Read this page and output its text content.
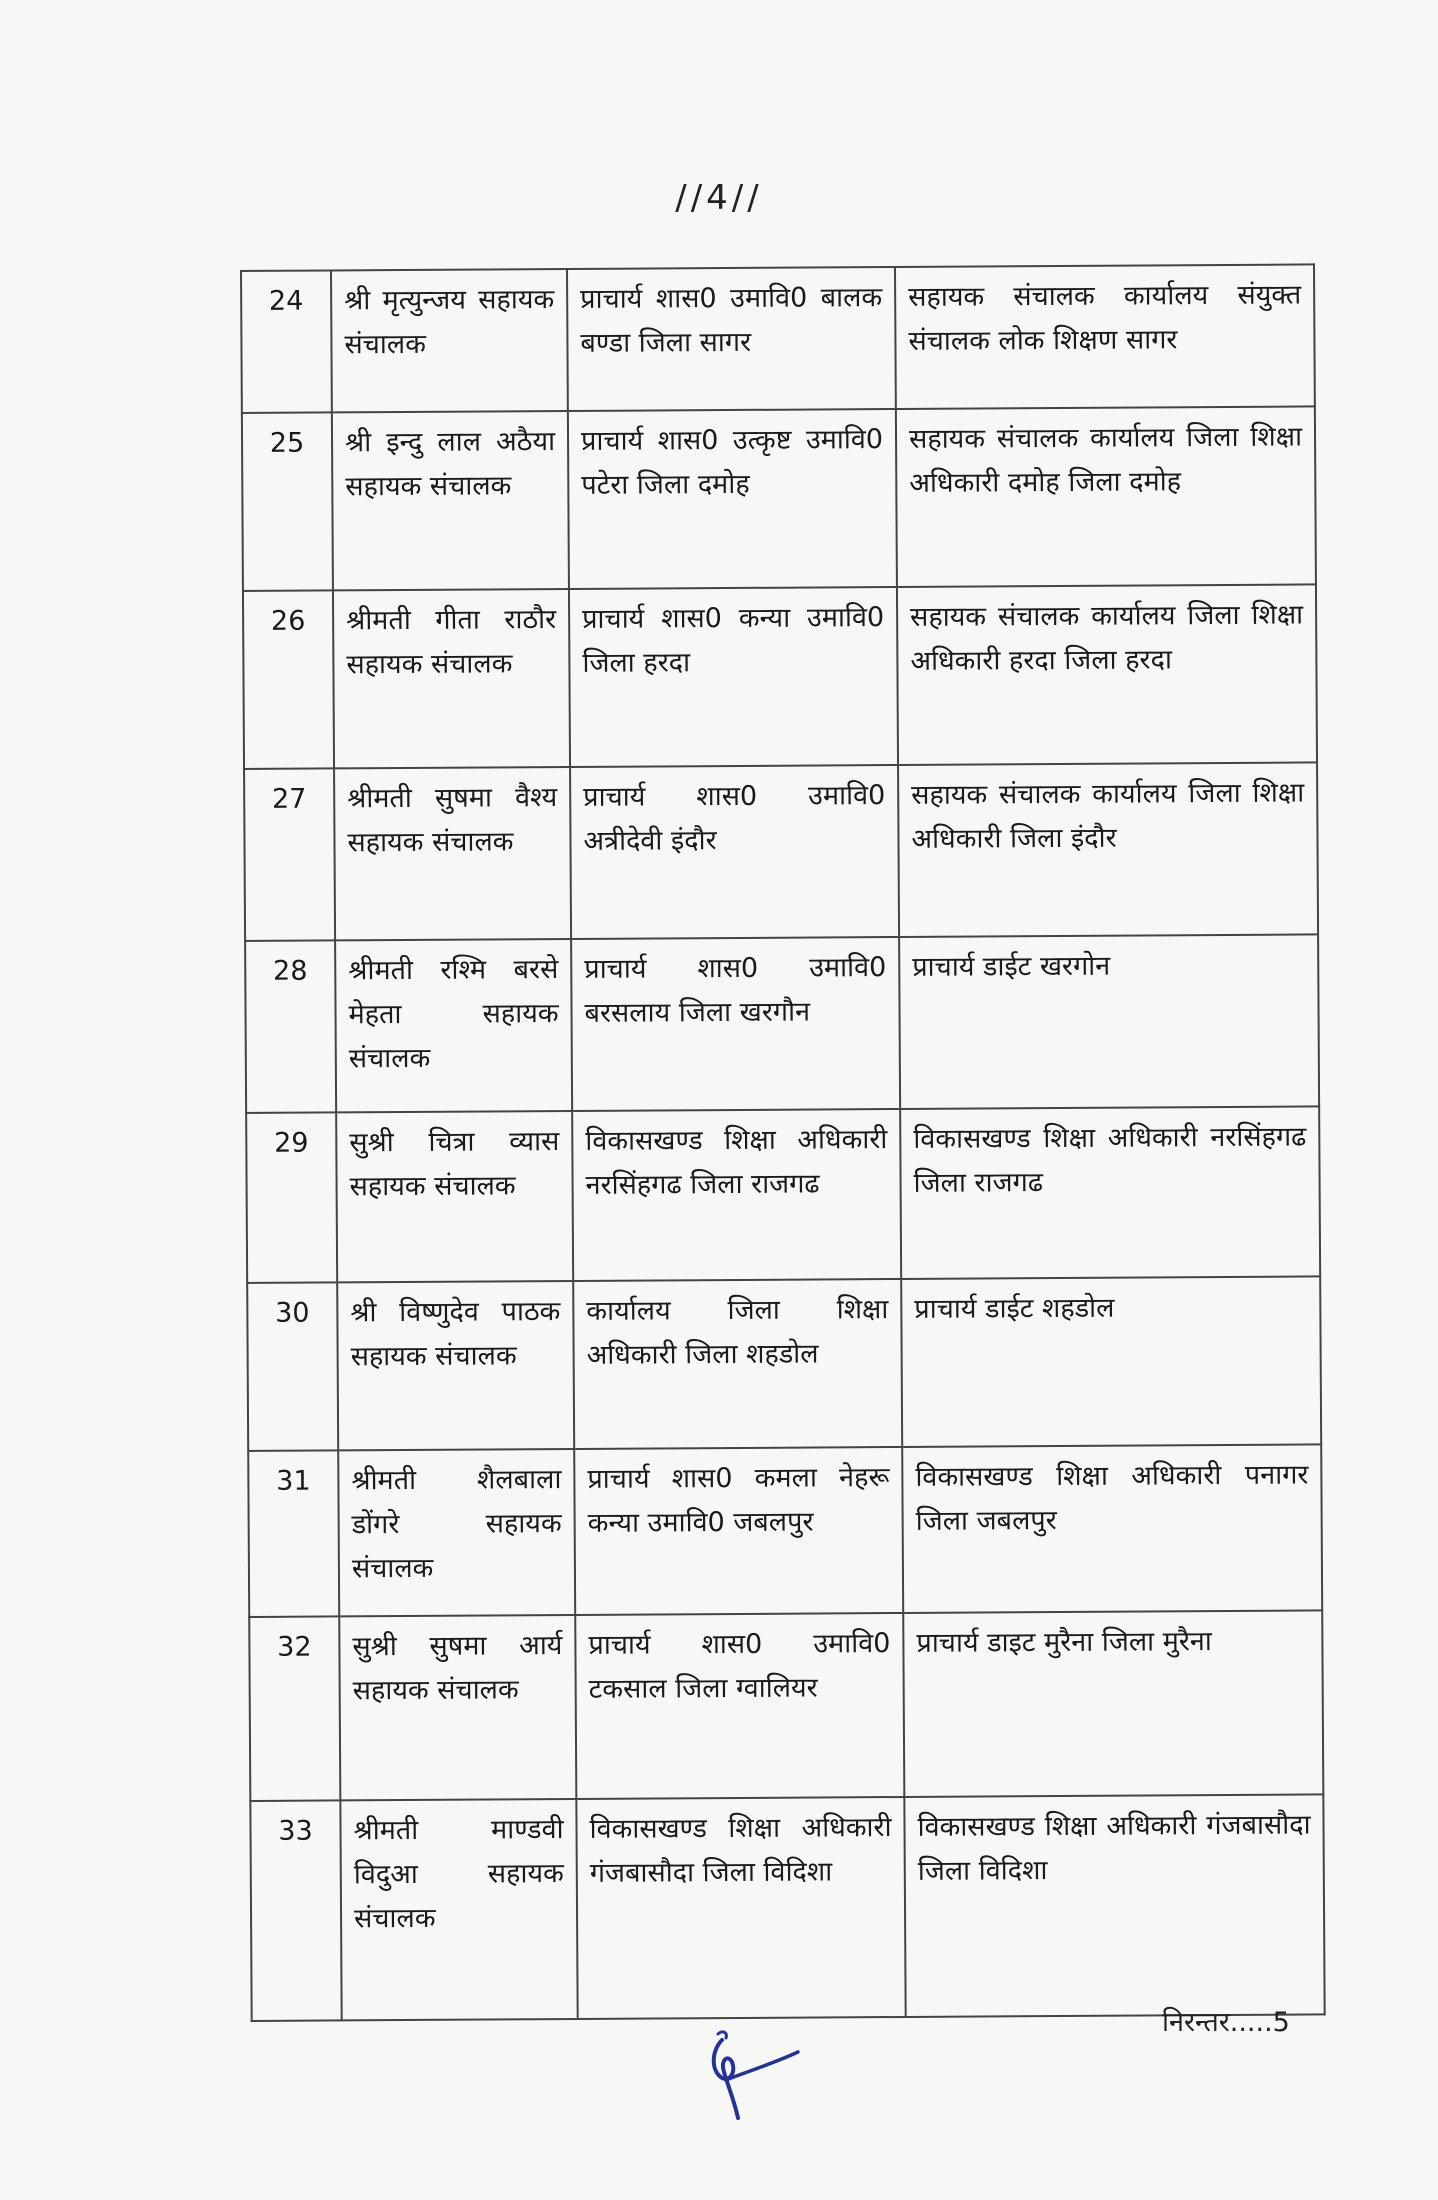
//4//
24	श्री मृत्युन्जय सहायक संचालक	प्राचार्य शास0 उमावि0 बालक बण्डा जिला सागर	सहायक संचालक कार्यालय संयुक्त संचालक लोक शिक्षण सागर
25	श्री इन्दु लाल अठैया सहायक संचालक	प्राचार्य शास0 उत्कृष्ट उमावि0 पटेरा जिला दमोह	सहायक संचालक कार्यालय जिला शिक्षा अधिकारी दमोह जिला दमोह
26	श्रीमती गीता राठौर सहायक संचालक	प्राचार्य शास0 कन्या उमावि0 जिला हरदा	सहायक संचालक कार्यालय जिला शिक्षा अधिकारी हरदा जिला हरदा
27	श्रीमती सुषमा वैश्य सहायक संचालक	प्राचार्य शास0 उमावि0 अत्रीदेवी इंदौर	सहायक संचालक कार्यालय जिला शिक्षा अधिकारी जिला इंदौर
28	श्रीमती रश्मि बरसे मेहता सहायक संचालक	प्राचार्य शास0 उमावि0 बरसलाय जिला खरगौन	प्राचार्य डाईट खरगोन
29	सुश्री चित्रा व्यास सहायक संचालक	विकासखण्ड शिक्षा अधिकारी नरसिंहगढ जिला राजगढ	विकासखण्ड शिक्षा अधिकारी नरसिंहगढ जिला राजगढ
30	श्री विष्णुदेव पाठक सहायक संचालक	कार्यालय जिला शिक्षा अधिकारी जिला शहडोल	प्राचार्य डाईट शहडोल
31	श्रीमती शैलबाला डोंगरे सहायक संचालक	प्राचार्य शास0 कमला नेहरू कन्या उमावि0 जबलपुर	विकासखण्ड शिक्षा अधिकारी पनागर जिला जबलपुर
32	सुश्री सुषमा आर्य सहायक संचालक	प्राचार्य शास0 उमावि0 टकसाल जिला ग्वालियर	प्राचार्य डाइट मुरैना जिला मुरैना
33	श्रीमती माण्डवी विदुआ सहायक संचालक	विकासखण्ड शिक्षा अधिकारी गंजबासौदा जिला विदिशा	विकासखण्ड शिक्षा अधिकारी गंजबासौदा जिला विदिशा
निरन्तर.....5
